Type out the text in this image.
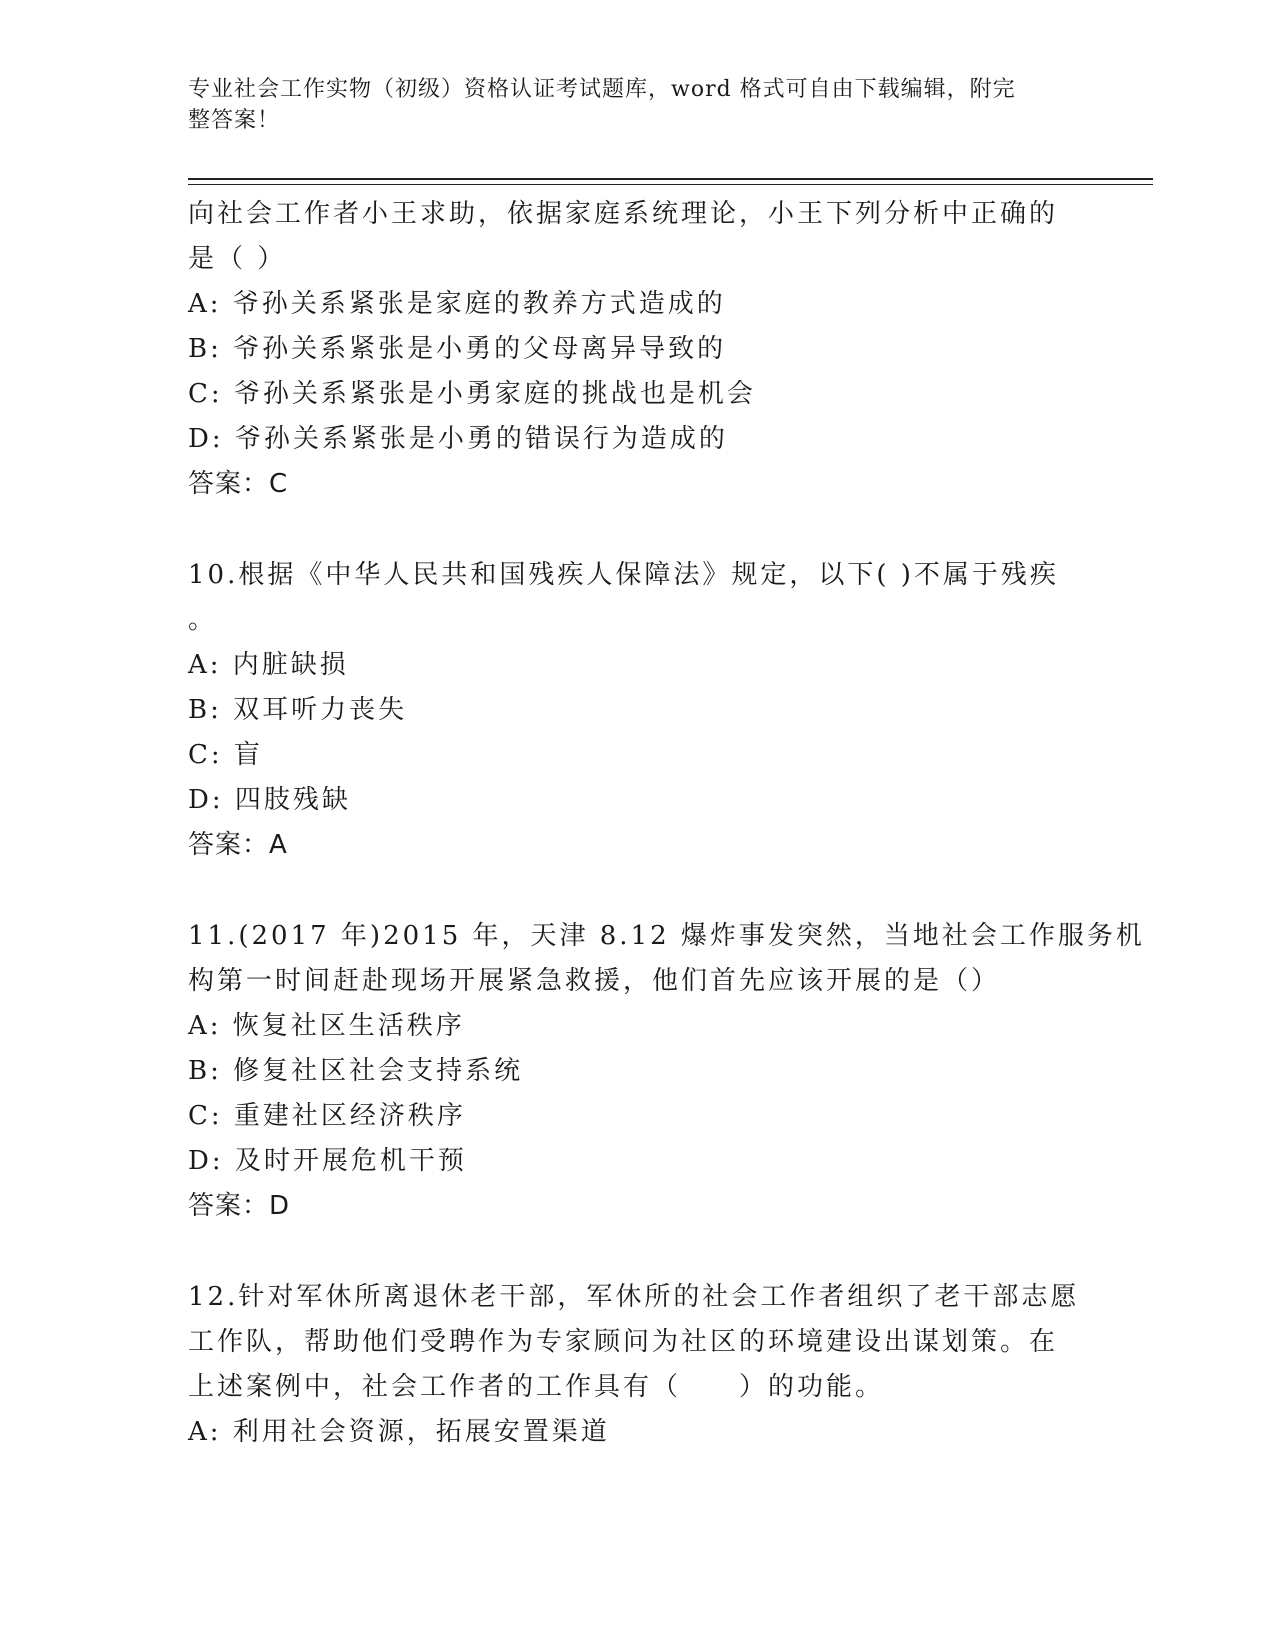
专业社会工作实物（初级）资格认证考试题库，word 格式可自由下载编辑，附完
整答案！
向社会工作者小王求助，依据家庭系统理论，小王下列分析中正确的
是（ ）
A: 爷孙关系紧张是家庭的教养方式造成的
B: 爷孙关系紧张是小勇的父母离异导致的
C: 爷孙关系紧张是小勇家庭的挑战也是机会
D: 爷孙关系紧张是小勇的错误行为造成的
答案：C
10.根据《中华人民共和国残疾人保障法》规定，以下( )不属于残疾
。
A: 内脏缺损
B: 双耳听力丧失
C: 盲
D: 四肢残缺
答案：A
11.(2017 年)2015 年，天津 8.12 爆炸事发突然，当地社会工作服务机
构第一时间赶赴现场开展紧急救援，他们首先应该开展的是（）
A: 恢复社区生活秩序
B: 修复社区社会支持系统
C: 重建社区经济秩序
D: 及时开展危机干预
答案：D
12.针对军休所离退休老干部，军休所的社会工作者组织了老干部志愿
工作队，帮助他们受聘作为专家顾问为社区的环境建设出谋划策。在
上述案例中，社会工作者的工作具有（　　）的功能。
A: 利用社会资源，拓展安置渠道
